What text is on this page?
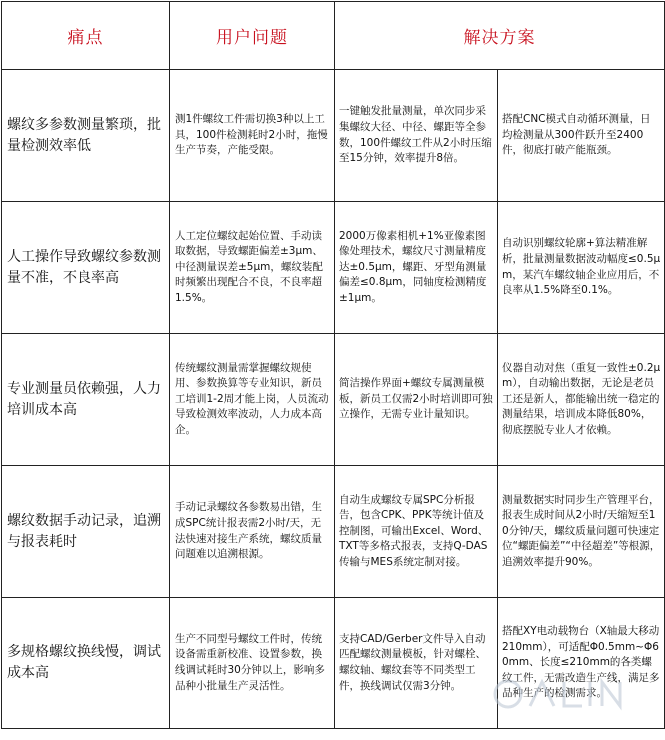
痛点	用户问题	解决方案	
螺纹多参数测量繁琐，批量检测效率低	测1件螺纹工件需切换3种以上工具，100件检测耗时2小时，拖慢生产节奏，产能受限。	一键触发批量测量，单次同步采集螺纹大径、中径、螺距等全参数，100件螺纹工件从2小时压缩至15分钟，效率提升8倍。	搭配CNC模式自动循环测量，日均检测量从300件跃升至2400件，彻底打破产能瓶颈。
人工操作导致螺纹参数测量不准，不良率高	人工定位螺纹起始位置、手动读取数据，导致螺距偏差±3μm、中径测量误差±5μm，螺纹装配时频繁出现配合不良，不良率超1.5%。	2000万像素相机+1%亚像素图像处理技术，螺纹尺寸测量精度达±0.5μm，螺距、牙型角测量偏差≤0.8μm，同轴度检测精度±1μm。	自动识别螺纹轮廓+算法精准解析，批量测量数据波动幅度≤0.5μm，某汽车螺纹轴企业应用后，不良率从1.5%降至0.1%。
专业测量员依赖强，人力培训成本高	传统螺纹测量需掌握螺纹规使用、参数换算等专业知识，新员工培训1-2周才能上岗，人员流动导致检测效率波动，人力成本高企。	简洁操作界面+螺纹专属测量模板，新员工仅需2小时培训即可独立操作，无需专业计量知识。	仪器自动对焦（重复一致性±0.2μm），自动输出数据，无论是老员工还是新人，都能输出统一稳定的测量结果，培训成本降低80%，彻底摆脱专业人才依赖。
螺纹数据手动记录，追溯与报表耗时	手动记录螺纹各参数易出错，生成SPC统计报表需2小时/天，无法快速对接生产系统，螺纹质量问题难以追溯根源。	自动生成螺纹专属SPC分析报告，包含CPK、PPK等统计值及控制图，可输出Excel、Word、TXT等多格式报表，支持Q-DAS传输与MES系统定制对接。	测量数据实时同步生产管理平台，报表生成时间从2小时/天缩短至10分钟/天，螺纹质量问题可快速定位“螺距偏差”“中径超差”等根源，追溯效率提升90%。
多规格螺纹换线慢，调试成本高	生产不同型号螺纹工件时，传统设备需重新校准、设置参数，换线调试耗时30分钟以上，影响多品种小批量生产灵活性。	支持CAD/Gerber文件导入自动匹配螺纹测量模板，针对螺栓、螺纹轴、螺纹套等不同类型工件，换线调试仅需3分钟。	搭配XY电动载物台（X轴最大移动210mm），可适配Φ0.5mm~Φ60mm、长度≤210mm的各类螺纹工件，无需改造生产线，满足多品种生产的检测需求。
